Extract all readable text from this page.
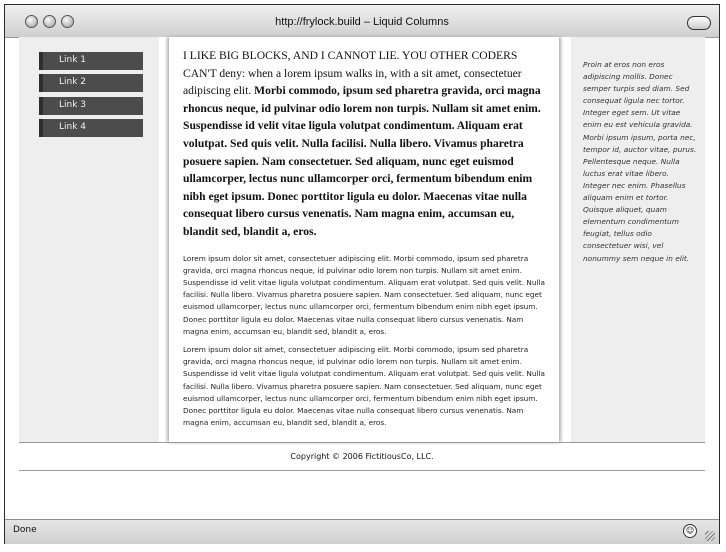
http://frylock.build – Liquid Columns
Link 1
Link 2
Link 3
Link 4

I LIKE BIG BLOCKS, AND I CANNOT LIE. YOU OTHER CODERS CAN'T deny: when a lorem ipsum walks in, with a sit amet, consectetuer adipiscing elit. Morbi commodo, ipsum sed pharetra gravida, orci magna rhoncus neque, id pulvinar odio lorem non turpis. Nullam sit amet enim. Suspendisse id velit vitae ligula volutpat condimentum. Aliquam erat volutpat. Sed quis velit. Nulla facilisi. Nulla libero. Vivamus pharetra posuere sapien. Nam consectetuer. Sed aliquam, nunc eget euismod ullamcorper, lectus nunc ullamcorper orci, fermentum bibendum enim nibh eget ipsum. Donec porttitor ligula eu dolor. Maecenas vitae nulla consequat libero cursus venenatis. Nam magna enim, accumsan eu, blandit sed, blandit a, eros.

Lorem ipsum dolor sit amet, consectetuer adipiscing elit. Morbi commodo, ipsum sed pharetra gravida, orci magna rhoncus neque, id pulvinar odio lorem non turpis. Nullam sit amet enim. Suspendisse id velit vitae ligula volutpat condimentum. Aliquam erat volutpat. Sed quis velit. Nulla facilisi. Nulla libero. Vivamus pharetra posuere sapien. Nam consectetuer. Sed aliquam, nunc eget euismod ullamcorper, lectus nunc ullamcorper orci, fermentum bibendum enim nibh eget ipsum. Donec porttitor ligula eu dolor. Maecenas vitae nulla consequat libero cursus venenatis. Nam magna enim, accumsan eu, blandit sed, blandit a, eros.

Lorem ipsum dolor sit amet, consectetuer adipiscing elit. Morbi commodo, ipsum sed pharetra gravida, orci magna rhoncus neque, id pulvinar odio lorem non turpis. Nullam sit amet enim. Suspendisse id velit vitae ligula volutpat condimentum. Aliquam erat volutpat. Sed quis velit. Nulla facilisi. Nulla libero. Vivamus pharetra posuere sapien. Nam consectetuer. Sed aliquam, nunc eget euismod ullamcorper, lectus nunc ullamcorper orci, fermentum bibendum enim nibh eget ipsum. Donec porttitor ligula eu dolor. Maecenas vitae nulla consequat libero cursus venenatis. Nam magna enim, accumsan eu, blandit sed, blandit a, eros.

Proin at eros non eros adipiscing mollis. Donec semper turpis sed diam. Sed consequat ligula nec tortor. Integer eget sem. Ut vitae enim eu est vehicula gravida. Morbi ipsum ipsum, porta nec, tempor id, auctor vitae, purus. Pellentesque neque. Nulla luctus erat vitae libero. Integer nec enim. Phasellus aliquam enim et tortor. Quisque aliquet, quam elementum condimentum feugiat, tellus odio consectetuer wisi, vel nonummy sem neque in elit.

Copyright © 2006 FictitiousCo, LLC.
Done	☺
